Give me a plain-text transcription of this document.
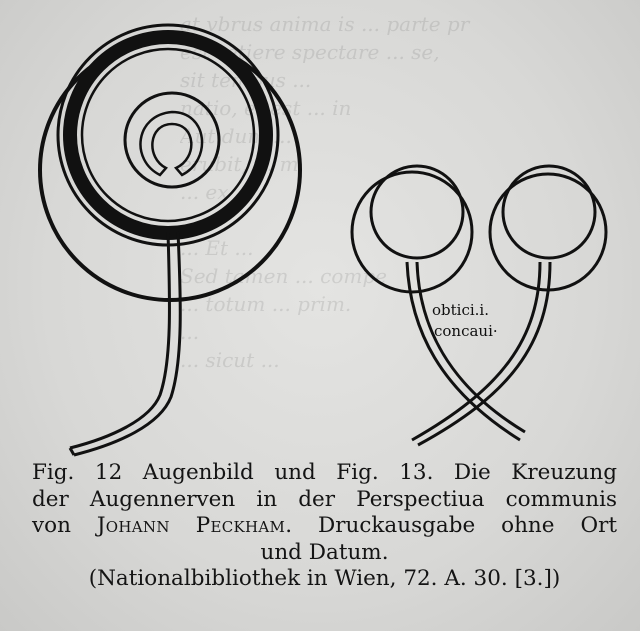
at vbrus anima is ... parte pr
est retiere spectare ... se,
sit tempus ...
natio, et est ... in
Aut dum ...
erubit, ... m
... ex ...
...
... Et ...
Sed tamen ... compe
... totum ... prim.
...
... sicut ...
obtici.i.
concaui·
Fig. 12 Augenbild und Fig. 13. Die Kreuzung
der Augennerven in der Perspectiua communis
von Johann Peckham. Druckausgabe ohne Ort
und Datum.
(Nationalbibliothek in Wien, 72. A. 30. [3.])
